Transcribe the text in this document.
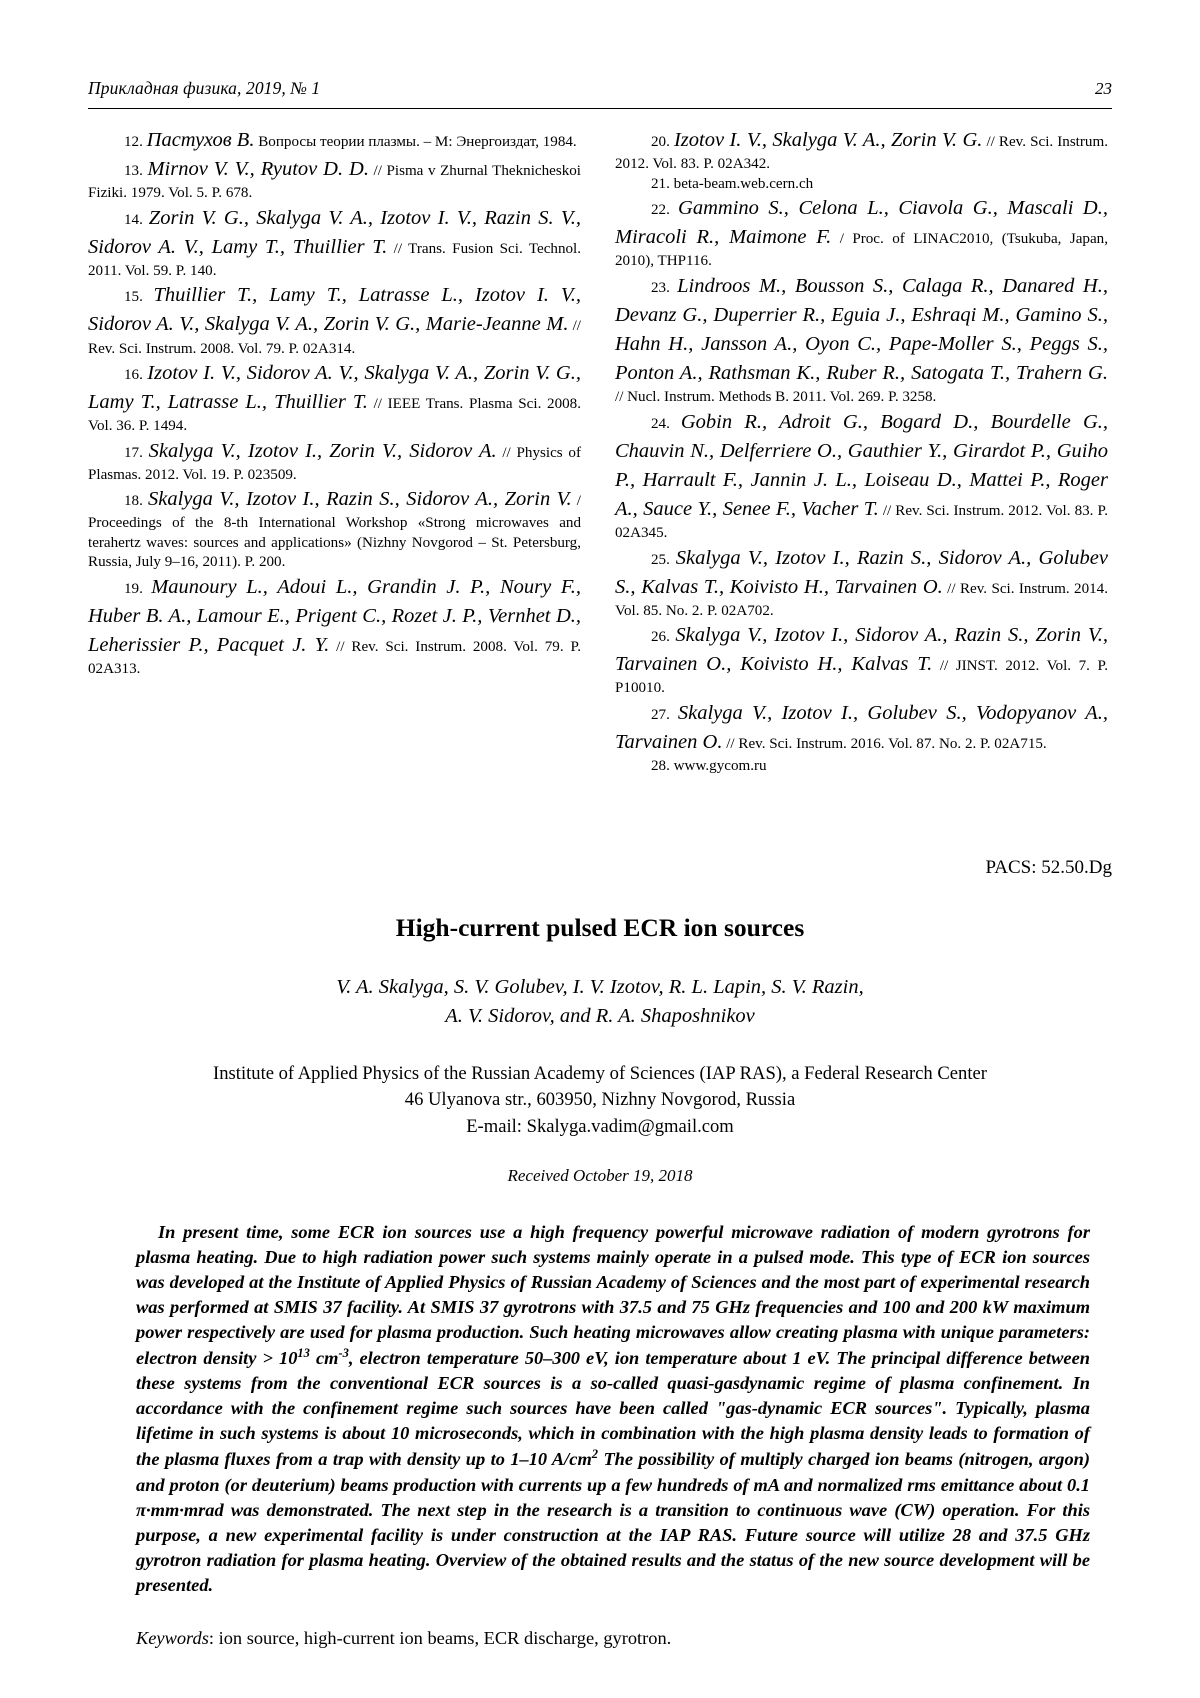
Прикладная физика, 2019, № 1	23

12. Пастухов В. Вопросы теории плазмы. – М: Энергоиздат, 1984.

13. Mirnov V. V., Ryutov D. D. // Pisma v Zhurnal Theknicheskoi Fiziki. 1979. Vol. 5. P. 678.

14. Zorin V. G., Skalyga V. A., Izotov I. V., Razin S. V., Sidorov A. V., Lamy T., Thuillier T. // Trans. Fusion Sci. Technol. 2011. Vol. 59. P. 140.

15. Thuillier T., Lamy T., Latrasse L., Izotov I. V., Sidorov A. V., Skalyga V. A., Zorin V. G., Marie-Jeanne M. // Rev. Sci. Instrum. 2008. Vol. 79. P. 02A314.

16. Izotov I. V., Sidorov A. V., Skalyga V. A., Zorin V. G., Lamy T., Latrasse L., Thuillier T. // IEEE Trans. Plasma Sci. 2008. Vol. 36. P. 1494.

17. Skalyga V., Izotov I., Zorin V., Sidorov A. // Physics of Plasmas. 2012. Vol. 19. P. 023509.

18. Skalyga V., Izotov I., Razin S., Sidorov A., Zorin V. / Proceedings of the 8-th International Workshop «Strong microwaves and terahertz waves: sources and applications» (Nizhny Novgorod – St. Petersburg, Russia, July 9–16, 2011). P. 200.

19. Maunoury L., Adoui L., Grandin J. P., Noury F., Huber B. A., Lamour E., Prigent C., Rozet J. P., Vernhet D., Leherissier P., Pacquet J. Y. // Rev. Sci. Instrum. 2008. Vol. 79. P. 02A313.

20. Izotov I. V., Skalyga V. A., Zorin V. G. // Rev. Sci. Instrum. 2012. Vol. 83. P. 02A342.

21. beta-beam.web.cern.ch

22. Gammino S., Celona L., Ciavola G., Mascali D., Miracoli R., Maimone F. / Proc. of LINAC2010, (Tsukuba, Japan, 2010), THP116.

23. Lindroos M., Bousson S., Calaga R., Danared H., Devanz G., Duperrier R., Eguia J., Eshraqi M., Gamino S., Hahn H., Jansson A., Oyon C., Pape-Moller S., Peggs S., Ponton A., Rathsman K., Ruber R., Satogata T., Trahern G. // Nucl. Instrum. Methods B. 2011. Vol. 269. P. 3258.

24. Gobin R., Adroit G., Bogard D., Bourdelle G., Chauvin N., Delferriere O., Gauthier Y., Girardot P., Guiho P., Harrault F., Jannin J. L., Loiseau D., Mattei P., Roger A., Sauce Y., Senee F., Vacher T. // Rev. Sci. Instrum. 2012. Vol. 83. P. 02A345.

25. Skalyga V., Izotov I., Razin S., Sidorov A., Golubev S., Kalvas T., Koivisto H., Tarvainen O. // Rev. Sci. Instrum. 2014. Vol. 85. No. 2. P. 02A702.

26. Skalyga V., Izotov I., Sidorov A., Razin S., Zorin V., Tarvainen O., Koivisto H., Kalvas T. // JINST. 2012. Vol. 7. P. P10010.

27. Skalyga V., Izotov I., Golubev S., Vodopyanov A., Tarvainen O. // Rev. Sci. Instrum. 2016. Vol. 87. No. 2. P. 02A715.

28. www.gycom.ru

PACS: 52.50.Dg
High-current pulsed ECR ion sources
V. A. Skalyga, S. V. Golubev, I. V. Izotov, R. L. Lapin, S. V. Razin,
A. V. Sidorov, and R. A. Shaposhnikov
Institute of Applied Physics of the Russian Academy of Sciences (IAP RAS), a Federal Research Center
46 Ulyanova str., 603950, Nizhny Novgorod, Russia
E-mail: Skalyga.vadim@gmail.com
Received October 19, 2018

In present time, some ECR ion sources use a high frequency powerful microwave radiation of modern gyrotrons for plasma heating. Due to high radiation power such systems mainly operate in a pulsed mode. This type of ECR ion sources was developed at the Institute of Applied Physics of Russian Academy of Sciences and the most part of experimental research was performed at SMIS 37 facility. At SMIS 37 gyrotrons with 37.5 and 75 GHz frequencies and 100 and 200 kW maximum power respectively are used for plasma production. Such heating microwaves allow creating plasma with unique parameters: electron density > $10^{13}$ $cm^{-3}$, electron temperature 50–300 eV, ion temperature about 1 eV. The principal difference between these systems from the conventional ECR sources is a so-called quasi-gasdynamic regime of plasma confinement. In accordance with the confinement regime such sources have been called "gas-dynamic ECR sources". Typically, plasma lifetime in such systems is about 10 microseconds, which in combination with the high plasma density leads to formation of the plasma fluxes from a trap with density up to 1–10 $A/cm^2$ The possibility of multiply charged ion beams (nitrogen, argon) and proton (or deuterium) beams production with currents up a few hundreds of mA and normalized rms emittance about 0.1 π·mm·mrad was demonstrated. The next step in the research is a transition to continuous wave (CW) operation. For this purpose, a new experimental facility is under construction at the IAP RAS. Future source will utilize 28 and 37.5 GHz gyrotron radiation for plasma heating. Overview of the obtained results and the status of the new source development will be presented.

Keywords: ion source, high-current ion beams, ECR discharge, gyrotron.
